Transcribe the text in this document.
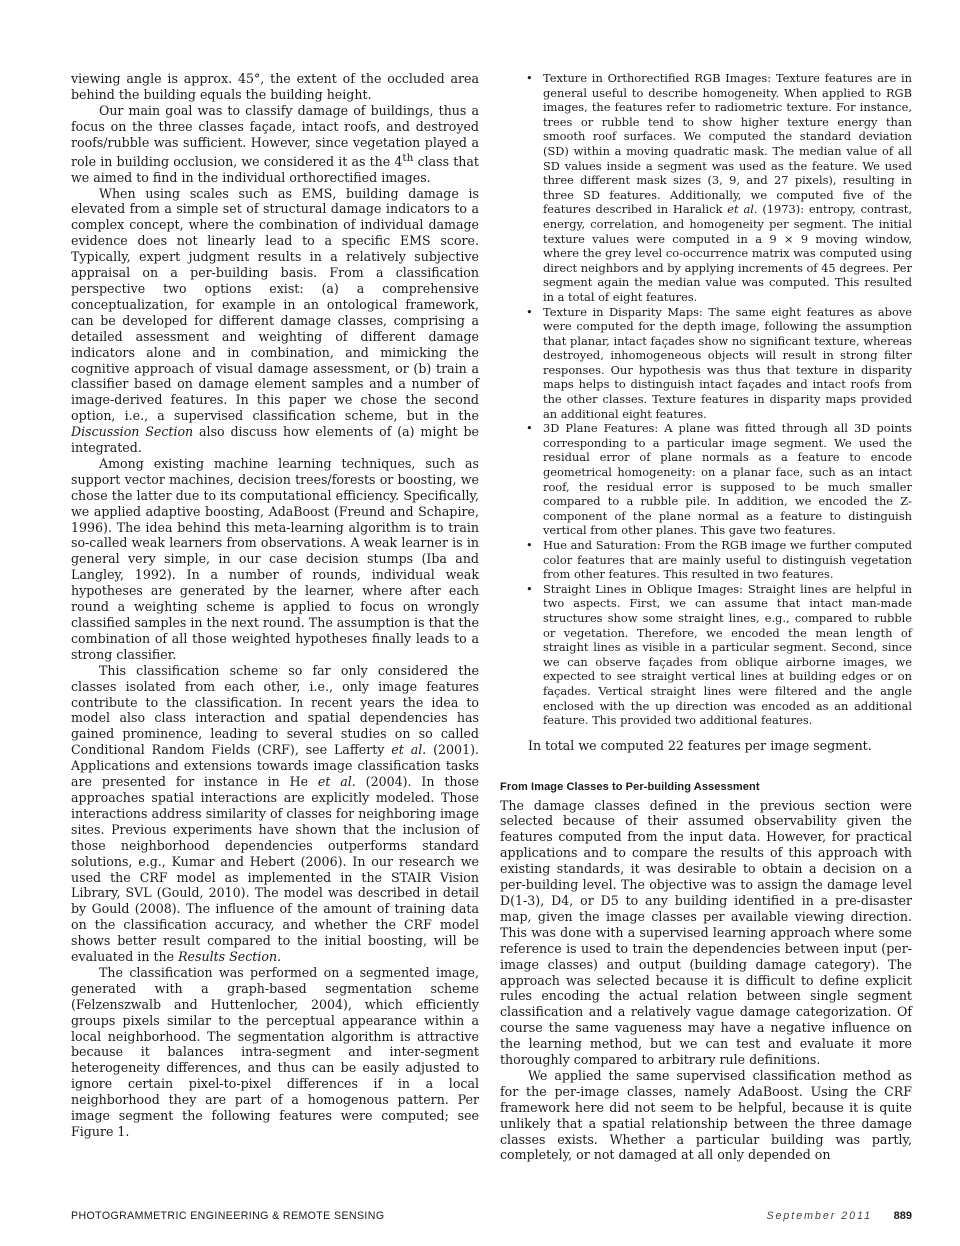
viewing angle is approx. 45°, the extent of the occluded area behind the building equals the building height.

Our main goal was to classify damage of buildings, thus a focus on the three classes façade, intact roofs, and destroyed roofs/rubble was sufficient. However, since vegetation played a role in building occlusion, we considered it as the 4th class that we aimed to find in the individual orthorectified images.

When using scales such as EMS, building damage is elevated from a simple set of structural damage indicators to a complex concept, where the combination of individual damage evidence does not linearly lead to a specific EMS score. Typically, expert judgment results in a relatively subjective appraisal on a per-building basis. From a classification perspective two options exist: (a) a comprehensive conceptualization, for example in an ontological framework, can be developed for different damage classes, comprising a detailed assessment and weighting of different damage indicators alone and in combination, and mimicking the cognitive approach of visual damage assessment, or (b) train a classifier based on damage element samples and a number of image-derived features. In this paper we chose the second option, i.e., a supervised classification scheme, but in the Discussion Section also discuss how elements of (a) might be integrated.

Among existing machine learning techniques, such as support vector machines, decision trees/forests or boosting, we chose the latter due to its computational efficiency. Specifically, we applied adaptive boosting, AdaBoost (Freund and Schapire, 1996). The idea behind this meta-learning algorithm is to train so-called weak learners from observations. A weak learner is in general very simple, in our case decision stumps (Iba and Langley, 1992). In a number of rounds, individual weak hypotheses are generated by the learner, where after each round a weighting scheme is applied to focus on wrongly classified samples in the next round. The assumption is that the combination of all those weighted hypotheses finally leads to a strong classifier.

This classification scheme so far only considered the classes isolated from each other, i.e., only image features contribute to the classification. In recent years the idea to model also class interaction and spatial dependencies has gained prominence, leading to several studies on so called Conditional Random Fields (CRF), see Lafferty et al. (2001). Applications and extensions towards image classification tasks are presented for instance in He et al. (2004). In those approaches spatial interactions are explicitly modeled. Those interactions address similarity of classes for neighboring image sites. Previous experiments have shown that the inclusion of those neighborhood dependencies outperforms standard solutions, e.g., Kumar and Hebert (2006). In our research we used the CRF model as implemented in the STAIR Vision Library, SVL (Gould, 2010). The model was described in detail by Gould (2008). The influence of the amount of training data on the classification accuracy, and whether the CRF model shows better result compared to the initial boosting, will be evaluated in the Results Section.

The classification was performed on a segmented image, generated with a graph-based segmentation scheme (Felzenszwalb and Huttenlocher, 2004), which efficiently groups pixels similar to the perceptual appearance within a local neighborhood. The segmentation algorithm is attractive because it balances intra-segment and inter-segment heterogeneity differences, and thus can be easily adjusted to ignore certain pixel-to-pixel differences if in a local neighborhood they are part of a homogenous pattern. Per image segment the following features were computed; see Figure 1.

• Texture in Orthorectified RGB Images: Texture features are in general useful to describe homogeneity. When applied to RGB images, the features refer to radiometric texture. For instance, trees or rubble tend to show higher texture energy than smooth roof surfaces. We computed the standard deviation (SD) within a moving quadratic mask. The median value of all SD values inside a segment was used as the feature. We used three different mask sizes (3, 9, and 27 pixels), resulting in three SD features. Additionally, we computed five of the features described in Haralick et al. (1973): entropy, contrast, energy, correlation, and homogeneity per segment. The initial texture values were computed in a 9 × 9 moving window, where the grey level co-occurrence matrix was computed using direct neighbors and by applying increments of 45 degrees. Per segment again the median value was computed. This resulted in a total of eight features.
• Texture in Disparity Maps: The same eight features as above were computed for the depth image, following the assumption that planar, intact façades show no significant texture, whereas destroyed, inhomogeneous objects will result in strong filter responses. Our hypothesis was thus that texture in disparity maps helps to distinguish intact façades and intact roofs from the other classes. Texture features in disparity maps provided an additional eight features.
• 3D Plane Features: A plane was fitted through all 3D points corresponding to a particular image segment. We used the residual error of plane normals as a feature to encode geometrical homogeneity: on a planar face, such as an intact roof, the residual error is supposed to be much smaller compared to a rubble pile. In addition, we encoded the Z-component of the plane normal as a feature to distinguish vertical from other planes. This gave two features.
• Hue and Saturation: From the RGB image we further computed color features that are mainly useful to distinguish vegetation from other features. This resulted in two features.
• Straight Lines in Oblique Images: Straight lines are helpful in two aspects. First, we can assume that intact man-made structures show some straight lines, e.g., compared to rubble or vegetation. Therefore, we encoded the mean length of straight lines as visible in a particular segment. Second, since we can observe façades from oblique airborne images, we expected to see straight vertical lines at building edges or on façades. Vertical straight lines were filtered and the angle enclosed with the up direction was encoded as an additional feature. This provided two additional features.

In total we computed 22 features per image segment.

From Image Classes to Per-building Assessment

The damage classes defined in the previous section were selected because of their assumed observability given the features computed from the input data. However, for practical applications and to compare the results of this approach with existing standards, it was desirable to obtain a decision on a per-building level. The objective was to assign the damage level D(1-3), D4, or D5 to any building identified in a pre-disaster map, given the image classes per available viewing direction. This was done with a supervised learning approach where some reference is used to train the dependencies between input (per-image classes) and output (building damage category). The approach was selected because it is difficult to define explicit rules encoding the actual relation between single segment classification and a relatively vague damage categorization. Of course the same vagueness may have a negative influence on the learning method, but we can test and evaluate it more thoroughly compared to arbitrary rule definitions.

We applied the same supervised classification method as for the per-image classes, namely AdaBoost. Using the CRF framework here did not seem to be helpful, because it is quite unlikely that a spatial relationship between the three damage classes exists. Whether a particular building was partly, completely, or not damaged at all only depended on

PHOTOGRAMMETRIC ENGINEERING & REMOTE SENSING	September 2011 889
